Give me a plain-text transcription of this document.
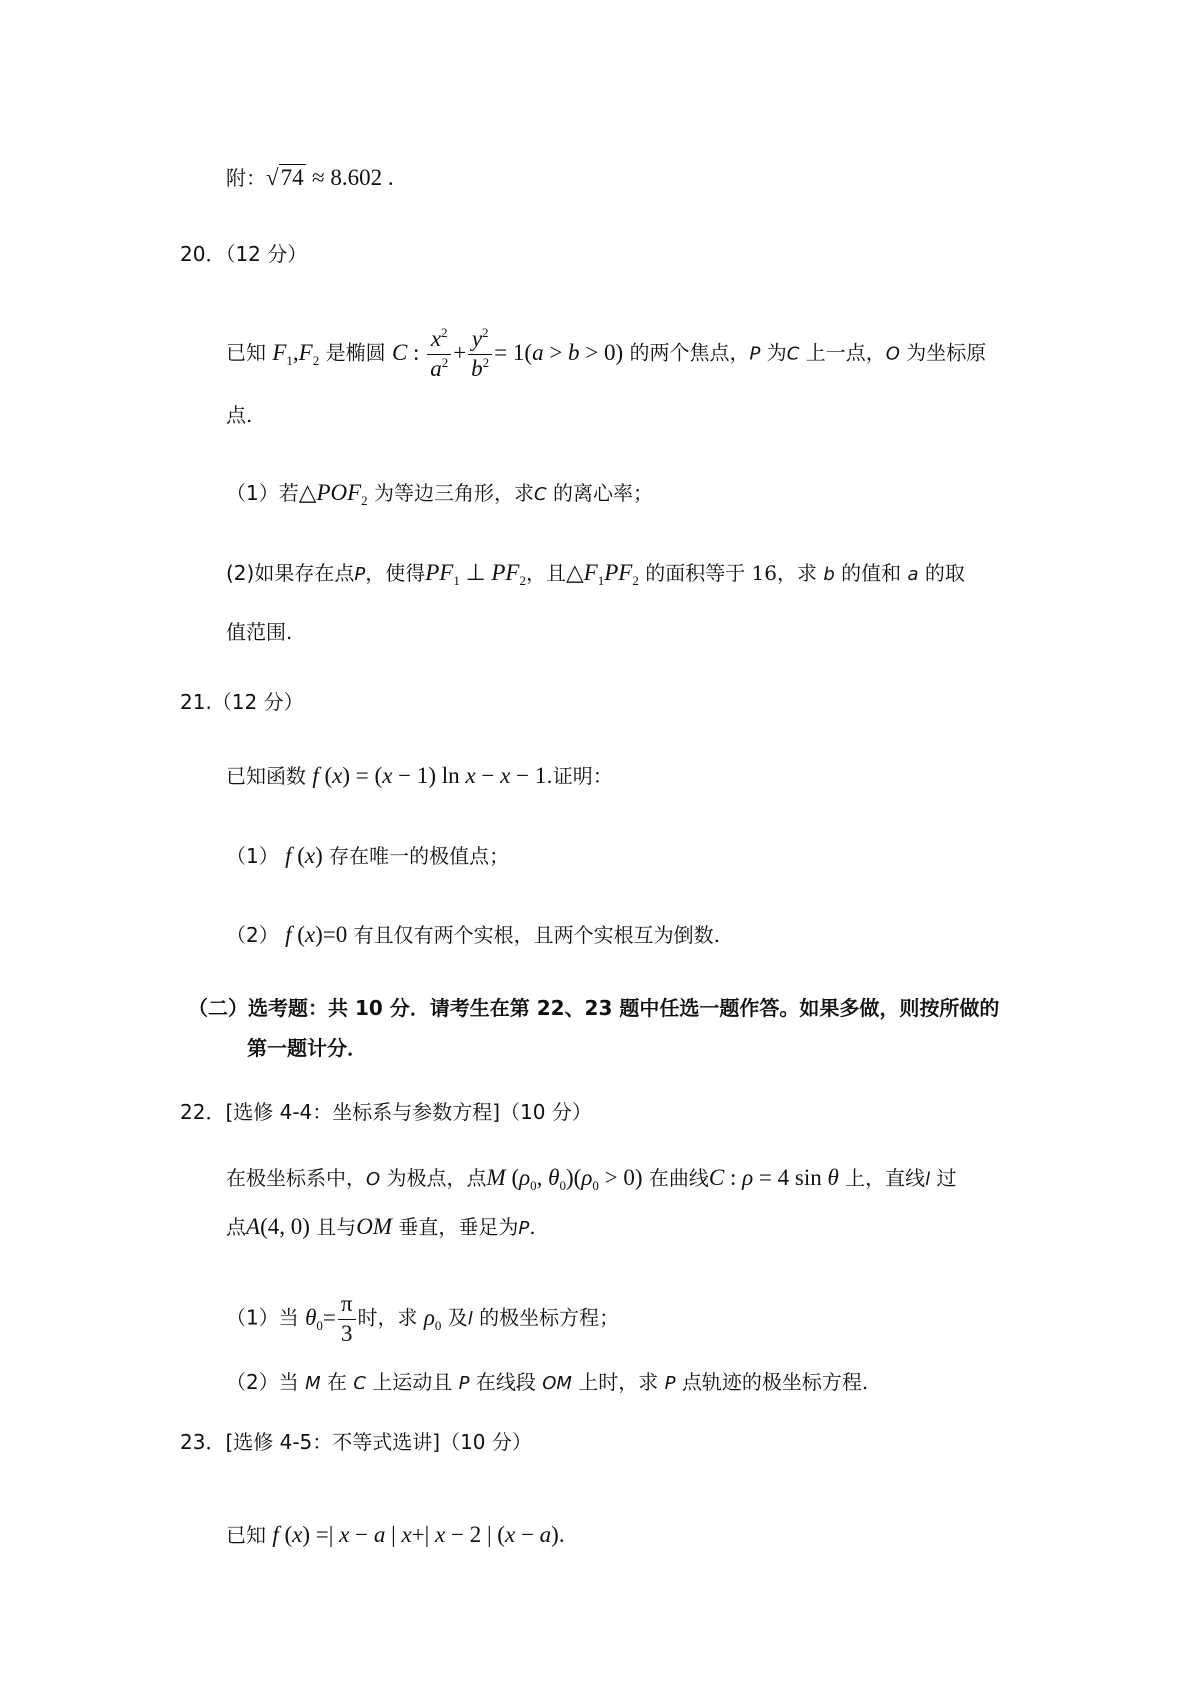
附：√74 ≈ 8.602 .
20．（12 分）
已知 $F_1,F_2$ 是椭圆 C : $\frac{x^2}{a^2} + \frac{y^2}{b^2} = 1(a > b > 0)$ 的两个焦点，P 为C 上一点，O 为坐标原
点.
（1）若$\triangle POF_2$ 为等边三角形，求C 的离心率；
(2)如果存在点P，使得$PF_1$ ⊥ $PF_2$，且$\triangle F_1PF_2$ 的面积等于 16，求 b 的值和 a 的取
值范围.
21.（12 分）
已知函数 f (x) = (x − 1) ln x − x − 1.证明：
（1） f (x) 存在唯一的极值点；
（2） f (x)=0 有且仅有两个实根，且两个实根互为倒数.
（二）选考题：共 10 分．请考生在第 22、23 题中任选一题作答。如果多做，则按所做的
第一题计分．
22．[选修 4-4：坐标系与参数方程]（10 分）
在极坐标系中，O 为极点，点M ($\rho_0$, $\theta_0)(\rho_0 > 0)$ 在曲线C : ρ = 4 sin θ 上，直线l 过
点A(4, 0) 且与OM 垂直，垂足为P.
（1）当 $\theta_0= \frac{\pi}{3}$ 时，求 $\rho_0$ 及l 的极坐标方程；
（2）当 M 在 C 上运动且 P 在线段 OM 上时，求 P 点轨迹的极坐标方程.
23．[选修 4-5：不等式选讲]（10 分）
已知 f (x) =| x − a | x+| x − 2 | (x − a).
